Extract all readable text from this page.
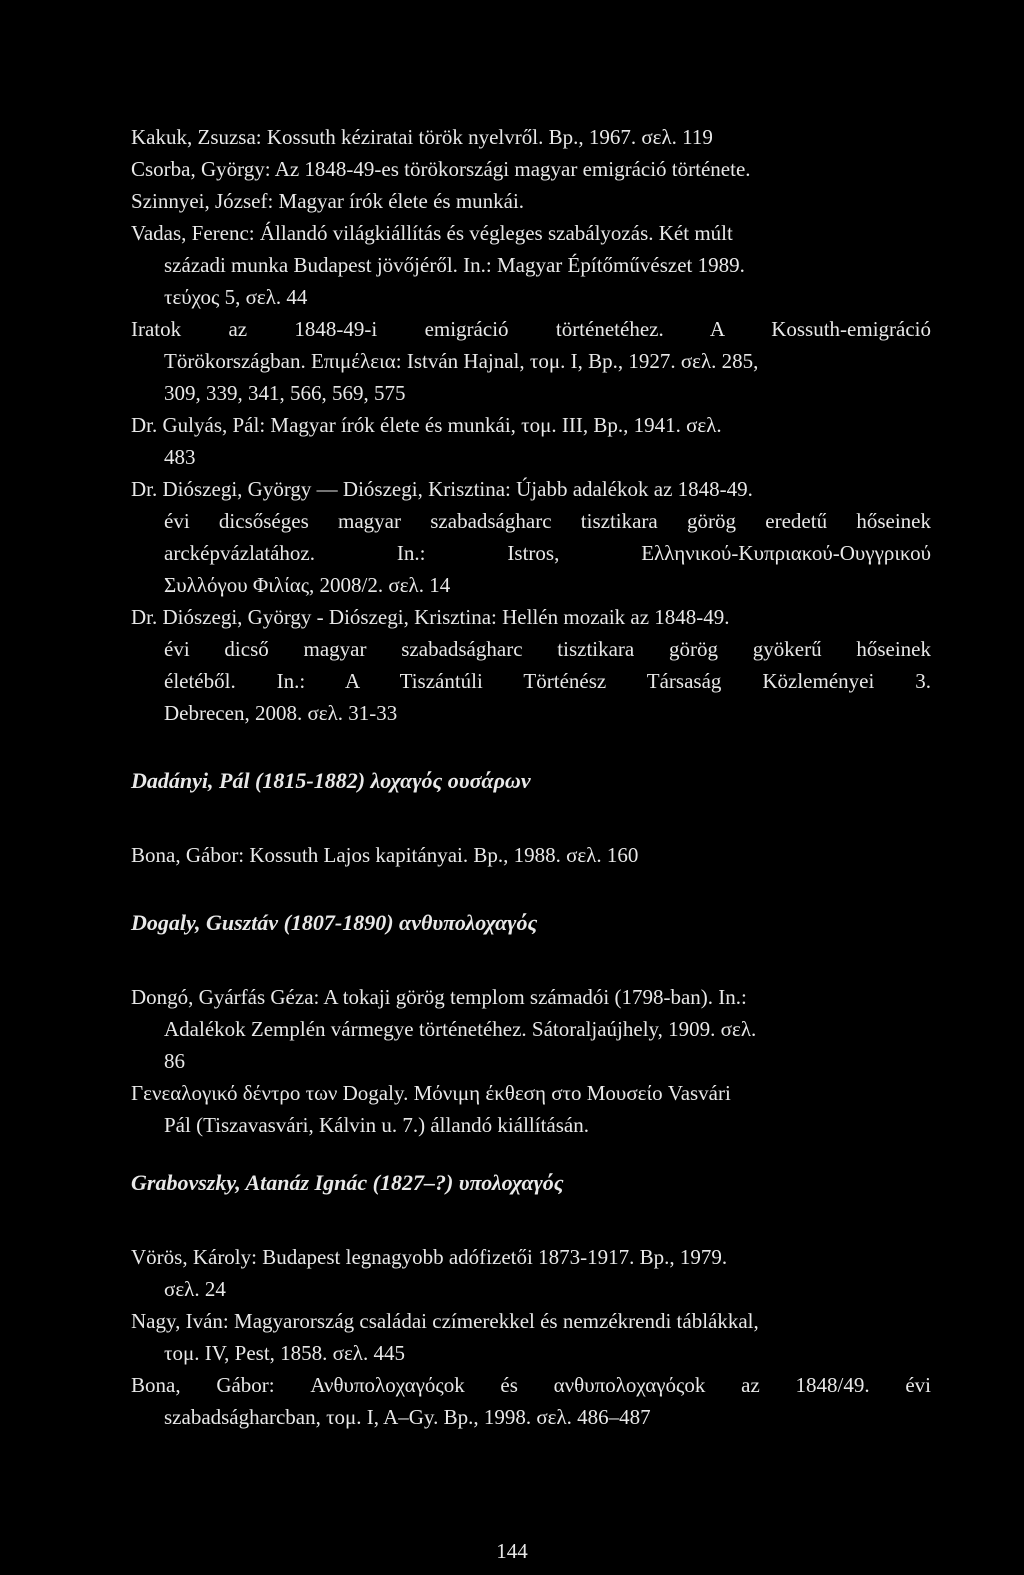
Kakuk, Zsuzsa: Kossuth kéziratai török nyelvről. Bp., 1967. σελ. 119
Csorba, György: Az 1848-49-es törökországi magyar emigráció története.
Szinnyei, József: Magyar írók élete és munkái.
Vadas, Ferenc: Állandó világkiállítás és végleges szabályozás. Két múlt
századi munka Budapest jövőjéről. In.: Magyar Építőművészet 1989.
τεύχος 5, σελ. 44
Iratok az 1848-49-i emigráció történetéhez. A Kossuth-emigráció
Törökországban. Επιμέλεια: István Hajnal, τομ. I, Bp., 1927. σελ. 285,
309, 339, 341, 566, 569, 575
Dr. Gulyás, Pál: Magyar írók élete és munkái, τομ. III, Bp., 1941. σελ.
483
Dr. Diószegi, György — Diószegi, Krisztina: Újabb adalékok az 1848-49.
évi dicsőséges magyar szabadságharc tisztikara görög eredetű hőseinek
arcképvázlatához. In.: Istros, Ελληνικού-Κυπριακού-Ουγγρικού
Συλλόγου Φιλίας, 2008/2. σελ. 14
Dr. Diószegi, György - Diószegi, Krisztina: Hellén mozaik az 1848-49.
évi dicső magyar szabadságharc tisztikara görög gyökerű hőseinek
életéből. In.: A Tiszántúli Történész Társaság Közleményei 3.
Debrecen, 2008. σελ. 31-33
Dadányi, Pál (1815-1882) λοχαγός ουσάρων
Bona, Gábor: Kossuth Lajos kapitányai. Bp., 1988. σελ. 160
Dogaly, Gusztáv (1807-1890) ανθυπολοχαγός
Dongó, Gyárfás Géza: A tokaji görög templom számadói (1798-ban). In.:
Adalékok Zemplén vármegye történetéhez. Sátoraljaújhely, 1909. σελ.
86
Γενεαλογικό δέντρο των Dogaly. Μόνιμη έκθεση στο Μουσείο Vasvári
Pál (Tiszavasvári, Kálvin u. 7.) állandó kiállításán.
Grabovszky, Atanáz Ignác (1827–?) υπολοχαγός
Vörös, Károly: Budapest legnagyobb adófizetői 1873-1917. Bp., 1979.
σελ. 24
Nagy, Iván: Magyarország családai czímerekkel és nemzékrendi táblákkal,
τομ. IV, Pest, 1858. σελ. 445
Bona, Gábor: Ανθυπολοχαγόςok és ανθυπολοχαγόςok az 1848/49. évi
szabadságharcban, τομ. I, A–Gy. Bp., 1998. σελ. 486–487
144
